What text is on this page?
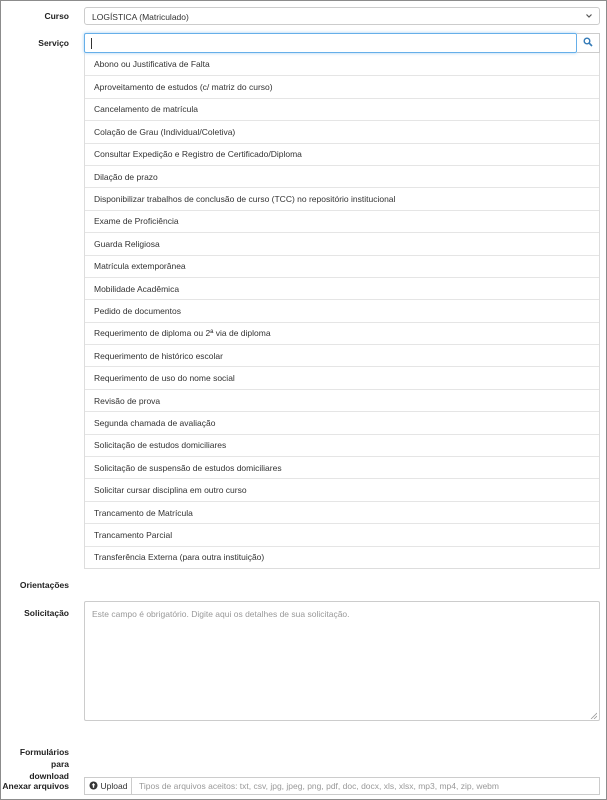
Curso	LOGÍSTICA (Matriculado)
Serviço
Abono ou Justificativa de Falta
Aproveitamento de estudos (c/ matriz do curso)
Cancelamento de matrícula
Colação de Grau (Individual/Coletiva)
Consultar Expedição e Registro de Certificado/Diploma
Dilação de prazo
Disponibilizar trabalhos de conclusão de curso (TCC) no repositório institucional
Exame de Proficiência
Guarda Religiosa
Matrícula extemporânea
Mobilidade Acadêmica
Pedido de documentos
Requerimento de diploma ou 2ª via de diploma
Requerimento de histórico escolar
Requerimento de uso do nome social
Revisão de prova
Segunda chamada de avaliação
Solicitação de estudos domiciliares
Solicitação de suspensão de estudos domiciliares
Solicitar cursar disciplina em outro curso
Trancamento de Matrícula
Trancamento Parcial
Transferência Externa (para outra instituição)
Orientações
Solicitação	Este campo é obrigatório. Digite aqui os detalhes de sua solicitação.
Formulários para
download
Anexar arquivos	Upload	Tipos de arquivos aceitos: txt, csv, jpg, jpeg, png, pdf, doc, docx, xls, xlsx, mp3, mp4, zip, webm
